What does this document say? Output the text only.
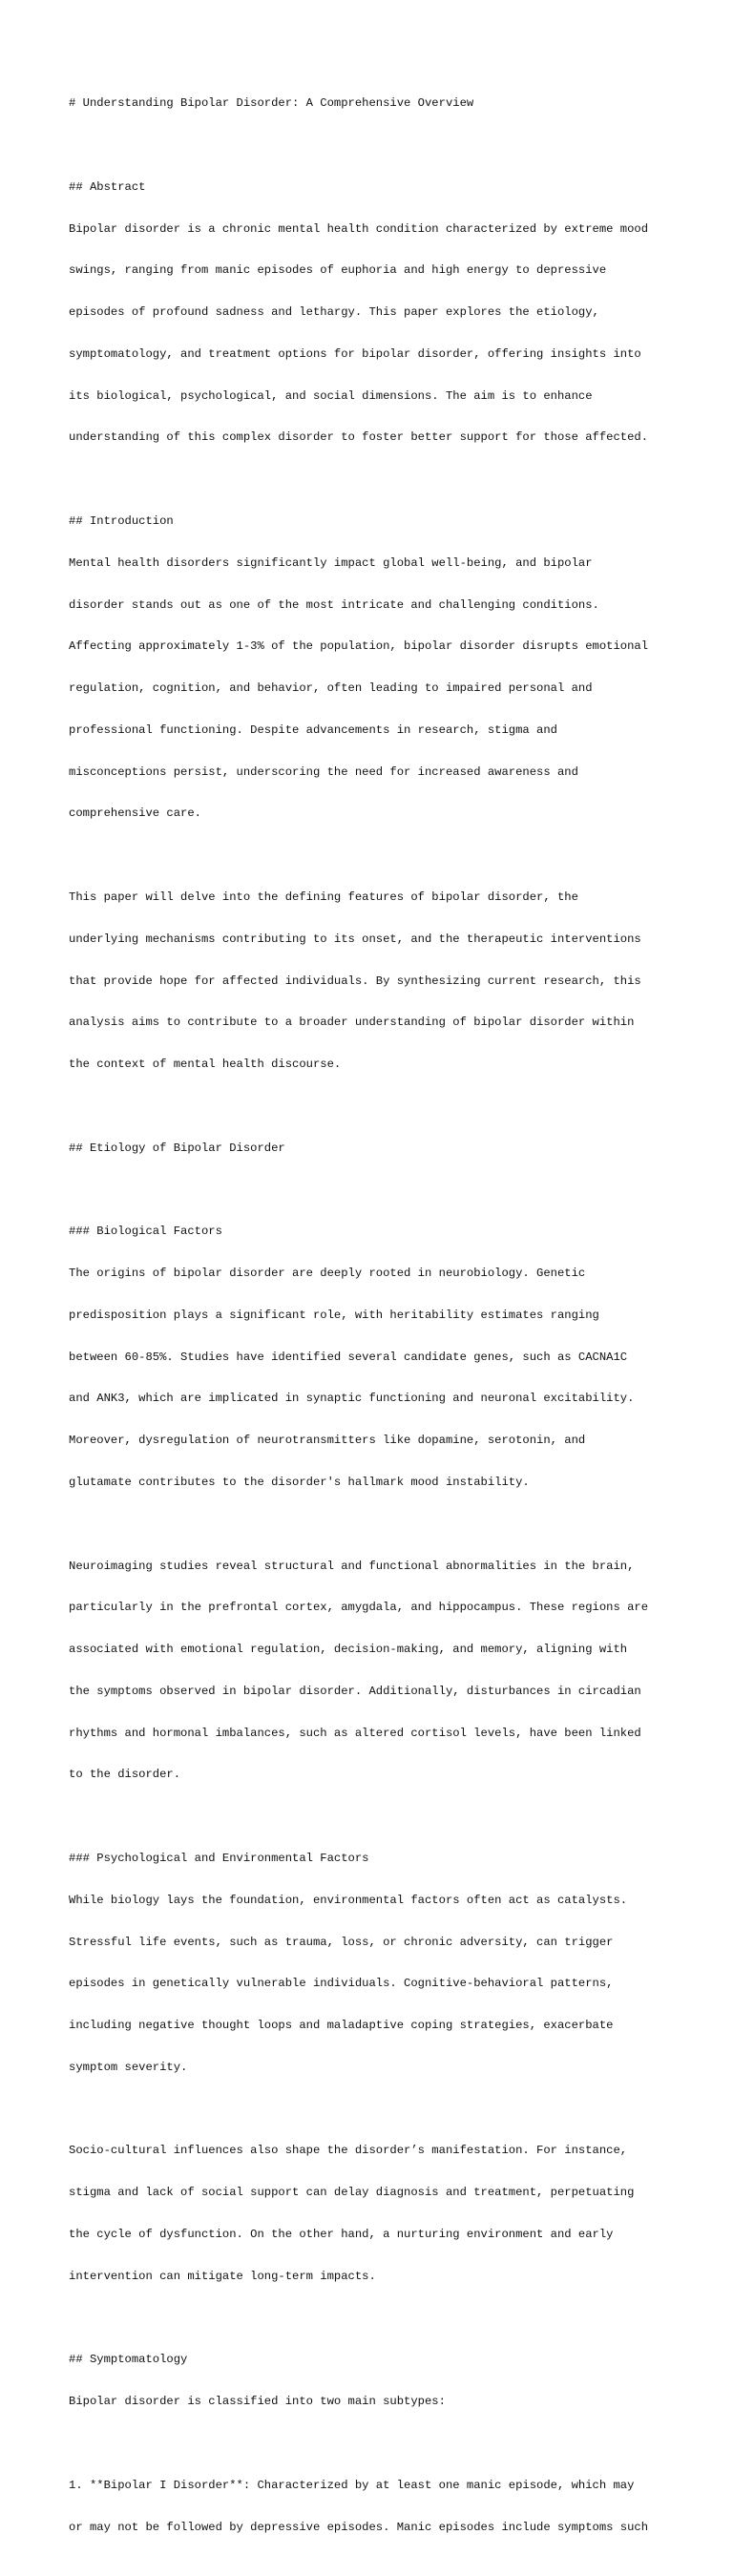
# Understanding Bipolar Disorder: A Comprehensive Overview

## Abstract

Bipolar disorder is a chronic mental health condition characterized by extreme mood

swings, ranging from manic episodes of euphoria and high energy to depressive

episodes of profound sadness and lethargy. This paper explores the etiology,

symptomatology, and treatment options for bipolar disorder, offering insights into

its biological, psychological, and social dimensions. The aim is to enhance

understanding of this complex disorder to foster better support for those affected.

## Introduction

Mental health disorders significantly impact global well-being, and bipolar

disorder stands out as one of the most intricate and challenging conditions.

Affecting approximately 1-3% of the population, bipolar disorder disrupts emotional

regulation, cognition, and behavior, often leading to impaired personal and

professional functioning. Despite advancements in research, stigma and

misconceptions persist, underscoring the need for increased awareness and

comprehensive care.

This paper will delve into the defining features of bipolar disorder, the

underlying mechanisms contributing to its onset, and the therapeutic interventions

that provide hope for affected individuals. By synthesizing current research, this

analysis aims to contribute to a broader understanding of bipolar disorder within

the context of mental health discourse.

## Etiology of Bipolar Disorder

### Biological Factors

The origins of bipolar disorder are deeply rooted in neurobiology. Genetic

predisposition plays a significant role, with heritability estimates ranging

between 60-85%. Studies have identified several candidate genes, such as CACNA1C

and ANK3, which are implicated in synaptic functioning and neuronal excitability.

Moreover, dysregulation of neurotransmitters like dopamine, serotonin, and

glutamate contributes to the disorder's hallmark mood instability.

Neuroimaging studies reveal structural and functional abnormalities in the brain,

particularly in the prefrontal cortex, amygdala, and hippocampus. These regions are

associated with emotional regulation, decision-making, and memory, aligning with

the symptoms observed in bipolar disorder. Additionally, disturbances in circadian

rhythms and hormonal imbalances, such as altered cortisol levels, have been linked

to the disorder.

### Psychological and Environmental Factors

While biology lays the foundation, environmental factors often act as catalysts.

Stressful life events, such as trauma, loss, or chronic adversity, can trigger

episodes in genetically vulnerable individuals. Cognitive-behavioral patterns,

including negative thought loops and maladaptive coping strategies, exacerbate

symptom severity.

Socio-cultural influences also shape the disorder’s manifestation. For instance,

stigma and lack of social support can delay diagnosis and treatment, perpetuating

the cycle of dysfunction. On the other hand, a nurturing environment and early

intervention can mitigate long-term impacts.

## Symptomatology

Bipolar disorder is classified into two main subtypes:

1. **Bipolar I Disorder**: Characterized by at least one manic episode, which may

or may not be followed by depressive episodes. Manic episodes include symptoms such
